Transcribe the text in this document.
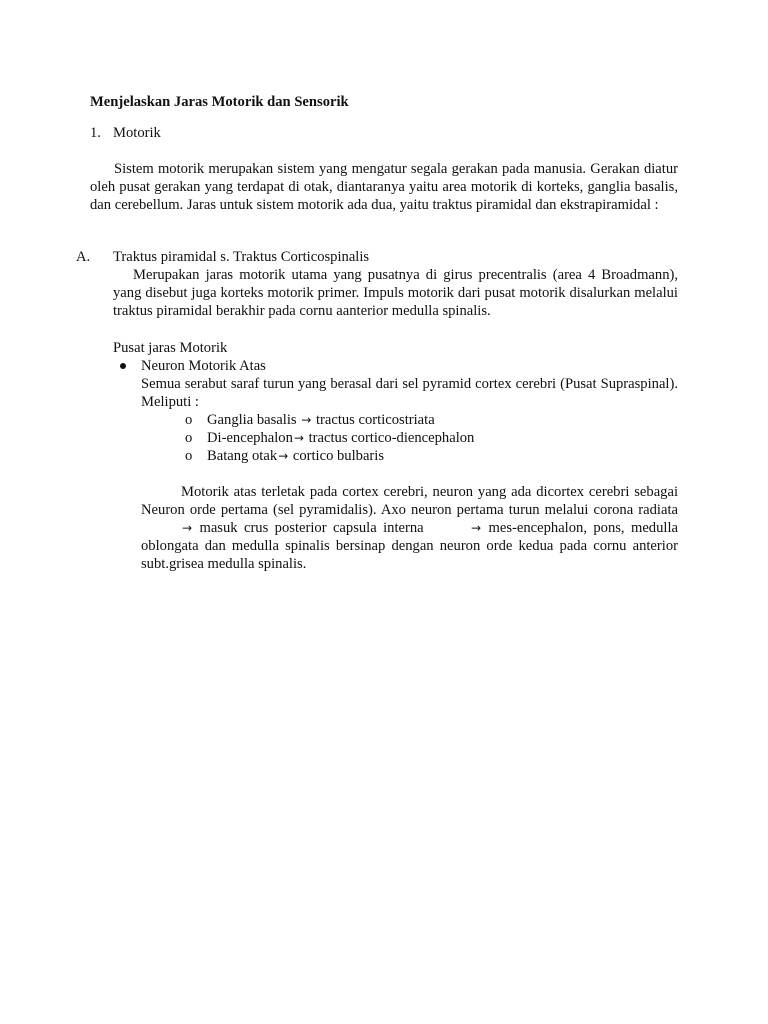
Menjelaskan Jaras Motorik dan Sensorik
1. Motorik
Sistem motorik merupakan sistem yang mengatur segala gerakan pada manusia. Gerakan diatur oleh pusat gerakan yang terdapat di otak, diantaranya yaitu area motorik di korteks, ganglia basalis, dan cerebellum. Jaras untuk sistem motorik ada dua, yaitu traktus piramidal dan ekstrapiramidal :
A. Traktus piramidal s. Traktus Corticospinalis
Merupakan jaras motorik utama yang pusatnya di girus precentralis (area 4 Broadmann), yang disebut juga korteks motorik primer. Impuls motorik dari pusat motorik disalurkan melalui traktus piramidal berakhir pada cornu aanterior medulla spinalis.
Pusat jaras Motorik
Neuron Motorik Atas
Semua serabut saraf turun yang berasal dari sel pyramid cortex cerebri (Pusat Supraspinal). Meliputi :
o Ganglia basalis → tractus corticostriata
o Di-encephalon→ tractus cortico-diencephalon
o Batang otak→ cortico bulbaris
Motorik atas terletak pada cortex cerebri, neuron yang ada dicortex cerebri sebagai Neuron orde pertama (sel pyramidalis). Axo neuron pertama turun melalui corona radiata → masuk crus posterior capsula interna	→ mes-encephalon, pons, medulla oblongata dan medulla spinalis bersinap dengan neuron orde kedua pada cornu anterior subt.grisea medulla spinalis.
